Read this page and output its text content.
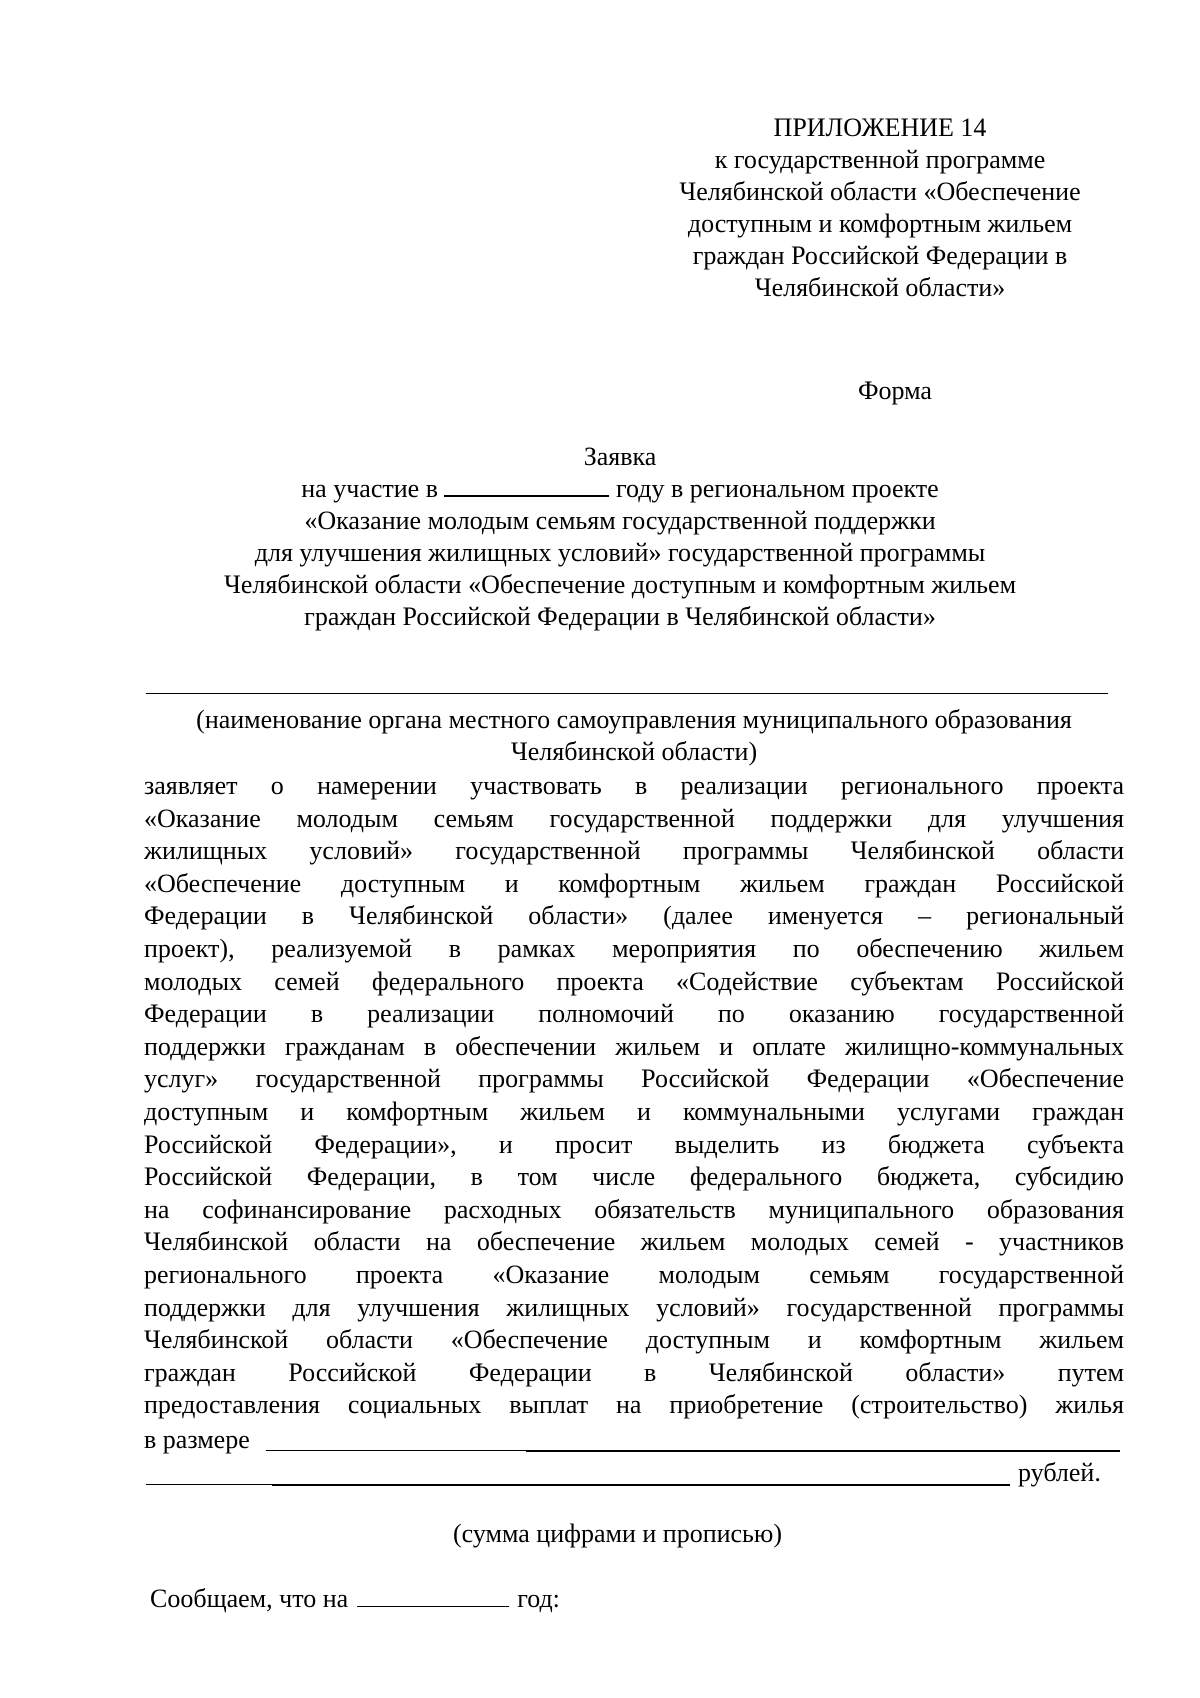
ПРИЛОЖЕНИЕ 14
к государственной программе
Челябинской области «Обеспечение
доступным и комфортным жильем
граждан Российской Федерации в
Челябинской области»
Форма
Заявка
на участие в	году в региональном проекте
«Оказание молодым семьям государственной поддержки
для улучшения жилищных условий» государственной программы
Челябинской области «Обеспечение доступным и комфортным жильем
граждан Российской Федерации в Челябинской области»
(наименование органа местного самоуправления муниципального образования
Челябинской области)
заявляет о намерении участвовать в реализации регионального проекта
«Оказание молодым семьям государственной поддержки для улучшения
жилищных условий» государственной программы Челябинской области
«Обеспечение доступным и комфортным жильем граждан Российской
Федерации в Челябинской области» (далее именуется – региональный
проект), реализуемой в рамках мероприятия по обеспечению жильем
молодых семей федерального проекта «Содействие субъектам Российской
Федерации в реализации полномочий по оказанию государственной
поддержки гражданам в обеспечении жильем и оплате жилищно-коммунальных
услуг» государственной программы Российской Федерации «Обеспечение
доступным и комфортным жильем и коммунальными услугами граждан
Российской Федерации», и просит выделить из бюджета субъекта
Российской Федерации, в том числе федерального бюджета, субсидию
на софинансирование расходных обязательств муниципального образования
Челябинской области на обеспечение жильем молодых семей - участников
регионального проекта «Оказание молодым семьям государственной
поддержки для улучшения жилищных условий» государственной программы
Челябинской области «Обеспечение доступным и комфортным жильем
граждан Российской Федерации в Челябинской области» путем
предоставления социальных выплат на приобретение (строительство) жилья
в размере
рублей.
(сумма цифрами и прописью)
Сообщаем, что на	год:
